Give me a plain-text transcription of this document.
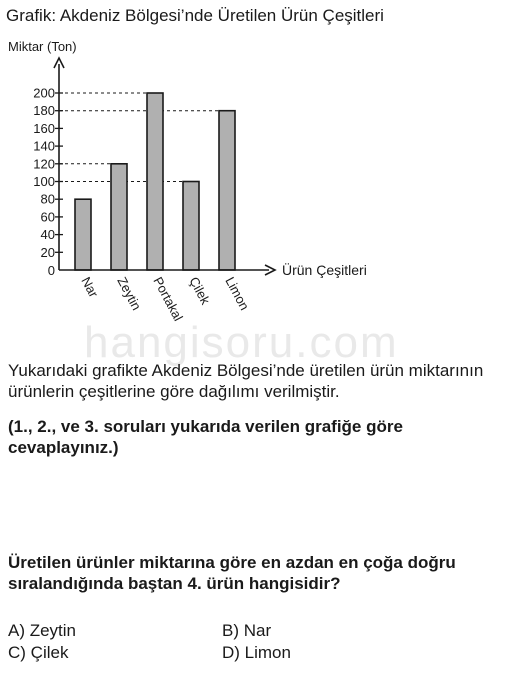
Grafik: Akdeniz Bölgesi’nde Üretilen Ürün Çeşitleri
Miktar (Ton)
Ürün Çeşitleri
0
20
40
60
80
100
120
140
160
180
200
Nar Zeytin Portakal Çilek Limon
hangisoru.com
Yukarıdaki grafikte Akdeniz Bölgesi’nde üretilen ürün miktarının ürünlerin çeşitlerine göre dağılımı verilmiştir.
(1., 2., ve 3. soruları yukarıda verilen grafiğe göre cevaplayınız.)
Üretilen ürünler miktarına göre en azdan en çoğa doğru sıralandığında baştan 4. ürün hangisidir?
A) Zeytin	B) Nar
C) Çilek	D) Limon
